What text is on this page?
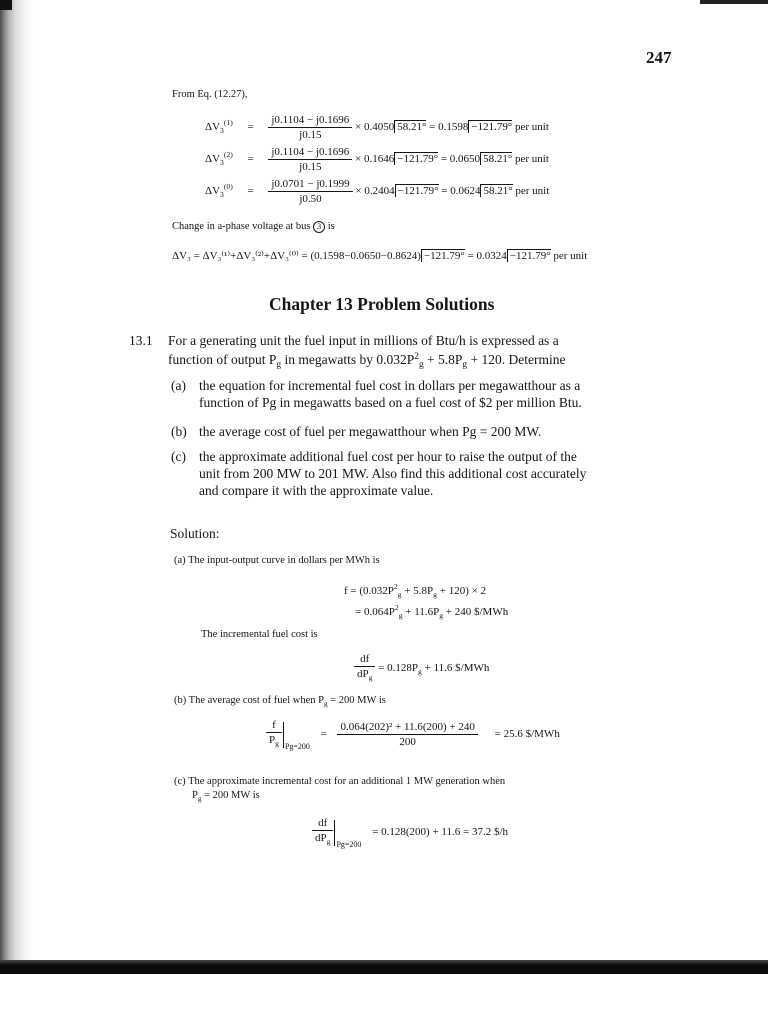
247
From Eq. (12.27),
$\Delta V_3^{(1)} = \frac{j0.1104 - j0.1696}{j0.15} \times 0.4050$ 58.21° = 0.1598 −121.79° per unit
$\Delta V_3^{(2)} = \frac{j0.1104 - j0.1696}{j0.15} \times 0.1646 -121.79^\circ = 0.0650$ 58.21° per unit
$\Delta V_3^{(0)} = \frac{j0.0701 - j0.1999}{j0.50} \times 0.2404 -121.79^\circ = 0.0624$ 58.21° per unit
Change in a-phase voltage at bus 3 is
ΔV₃ = ΔV₃⁽¹⁾+ΔV₃⁽²⁾+ΔV₃⁽⁰⁾ = (0.1598−0.0650−0.8624) −121.79° = 0.0324 −121.79° per unit
Chapter 13 Problem Solutions
13.1 For a generating unit the fuel input in millions of Btu/h is expressed as a
function of output $P_g$ in megawatts by $0.032P^2_g + 5.8P_g + 120$. Determine
(a) the equation for incremental fuel cost in dollars per megawatthour as a
function of Pg in megawatts based on a fuel cost of $2 per million Btu.
(b) the average cost of fuel per megawatthour when Pg = 200 MW.
(c) the approximate additional fuel cost per hour to raise the output of the
unit from 200 MW to 201 MW. Also find this additional cost accurately
and compare it with the approximate value.
Solution:
(a) The input-output curve in dollars per MWh is
$f = (0.032P^2_g + 5.8P_g + 120) \times 2$
= $0.064P^2_g + 11.6P_g + 240$ $/MWh
The incremental fuel cost is
$\frac{df}{dP_g} = 0.128P_g + 11.6$ $/MWh
(b) The average cost of fuel when $P_g = 200$ MW is
$\frac{f}{P_g} _{Pg=200} = \frac{\text{0.064(202)² + 11.6(200) + 240}}{200} = 25.6$ $/MWh
(c) The approximate incremental cost for an additional 1 MW generation when
$P_g = 200$ MW is
$\frac{df}{dP_g} _{Pg=200} = 0.128(200) + 11.6 = 37.2$ $/h
